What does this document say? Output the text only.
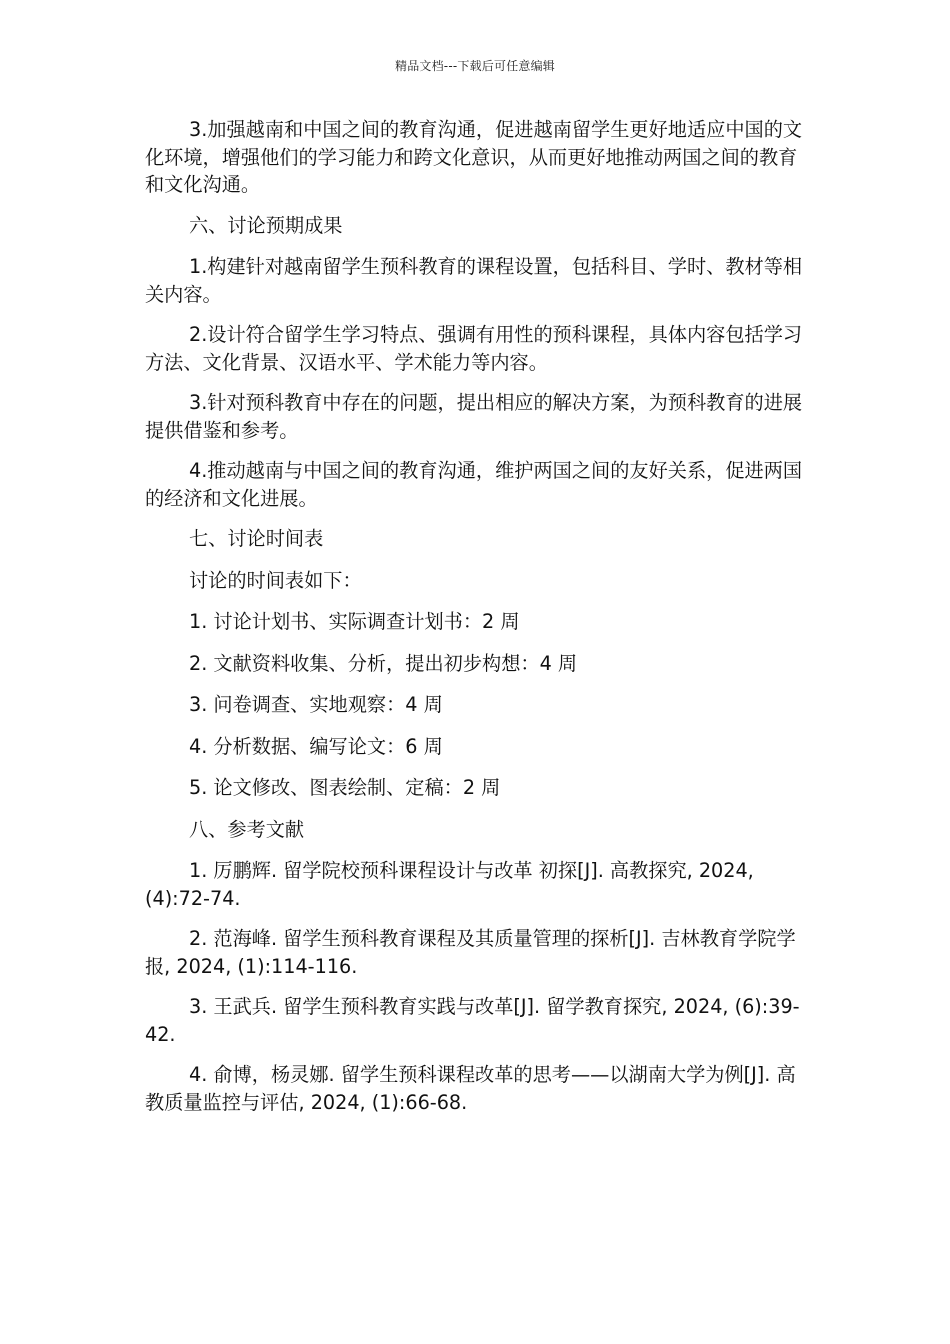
精品文档---下载后可任意编辑

3.加强越南和中国之间的教育沟通，促进越南留学生更好地适应中国的文化环境，增强他们的学习能力和跨文化意识，从而更好地推动两国之间的教育和文化沟通。

六、讨论预期成果

1.构建针对越南留学生预科教育的课程设置，包括科目、学时、教材等相关内容。

2.设计符合留学生学习特点、强调有用性的预科课程，具体内容包括学习方法、文化背景、汉语水平、学术能力等内容。

3.针对预科教育中存在的问题，提出相应的解决方案，为预科教育的进展提供借鉴和参考。

4.推动越南与中国之间的教育沟通，维护两国之间的友好关系，促进两国的经济和文化进展。

七、讨论时间表

讨论的时间表如下：

1. 讨论计划书、实际调查计划书：2 周

2. 文献资料收集、分析，提出初步构想：4 周

3. 问卷调查、实地观察：4 周

4. 分析数据、编写论文：6 周

5. 论文修改、图表绘制、定稿：2 周

八、参考文献

1. 厉鹏辉. 留学院校预科课程设计与改革 初探[J]. 高教探究, 2024, (4):72-74.

2. 范海峰. 留学生预科教育课程及其质量管理的探析[J]. 吉林教育学院学报, 2024, (1):114-116.

3. 王武兵. 留学生预科教育实践与改革[J]. 留学教育探究, 2024, (6):39-42.

4. 俞博，杨灵娜. 留学生预科课程改革的思考——以湖南大学为例[J]. 高教质量监控与评估, 2024, (1):66-68.
